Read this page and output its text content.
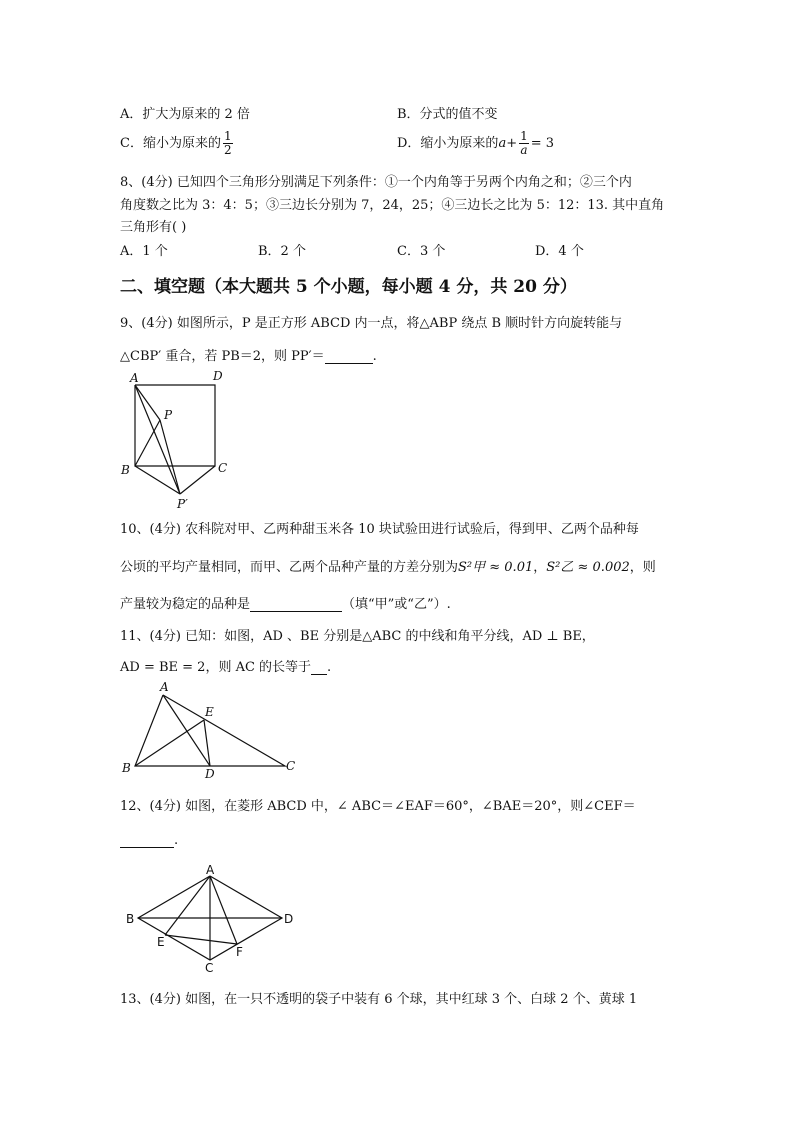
A．扩大为原来的 2 倍	B．分式的值不变
C．缩小为原来的 $\frac{1}{2}$	D．缩小为原来的$a+ \frac{1}{a} = 3$
8、(4分) 已知四个三角形分别满足下列条件：①一个内角等于另两个内角之和；②三个内
角度数之比为 3：4：5；③三边长分别为 7，24，25；④三边长之比为 5：12：13. 其中直角
三角形有( )
A．1 个	B．2 个	C．3 个	D．4 个
二、填空题（本大题共 5 个小题，每小题 4 分，共 20 分）
9、(4分) 如图所示，P 是正方形 ABCD 内一点，将△ABP 绕点 B 顺时针方向旋转能与
△CBP′ 重合，若 PB＝2，则 PP′＝	.
A	D
P
B	C
P′
A
E
B	D
C
A
B	D
E
F
C
10、(4分) 农科院对甲、乙两种甜玉米各 10 块试验田进行试验后，得到甲、乙两个品种每
公顷的平均产量相同，而甲、乙两个品种产量的方差分别为S²甲 ≈ 0.01，S²乙 ≈ 0.002，则
产量较为稳定的品种是	（填“甲”或“乙”）.
11、(4分) 已知：如图，AD 、BE 分别是△ABC 的中线和角平分线，AD ⊥ BE，
AD = BE = 2，则 AC 的长等于 .
12、(4分) 如图，在菱形 ABCD 中，∠ ABC＝∠EAF＝60°，∠BAE＝20°，则∠CEF＝
.
13、(4分) 如图，在一只不透明的袋子中装有 6 个球，其中红球 3 个、白球 2 个、黄球 1
